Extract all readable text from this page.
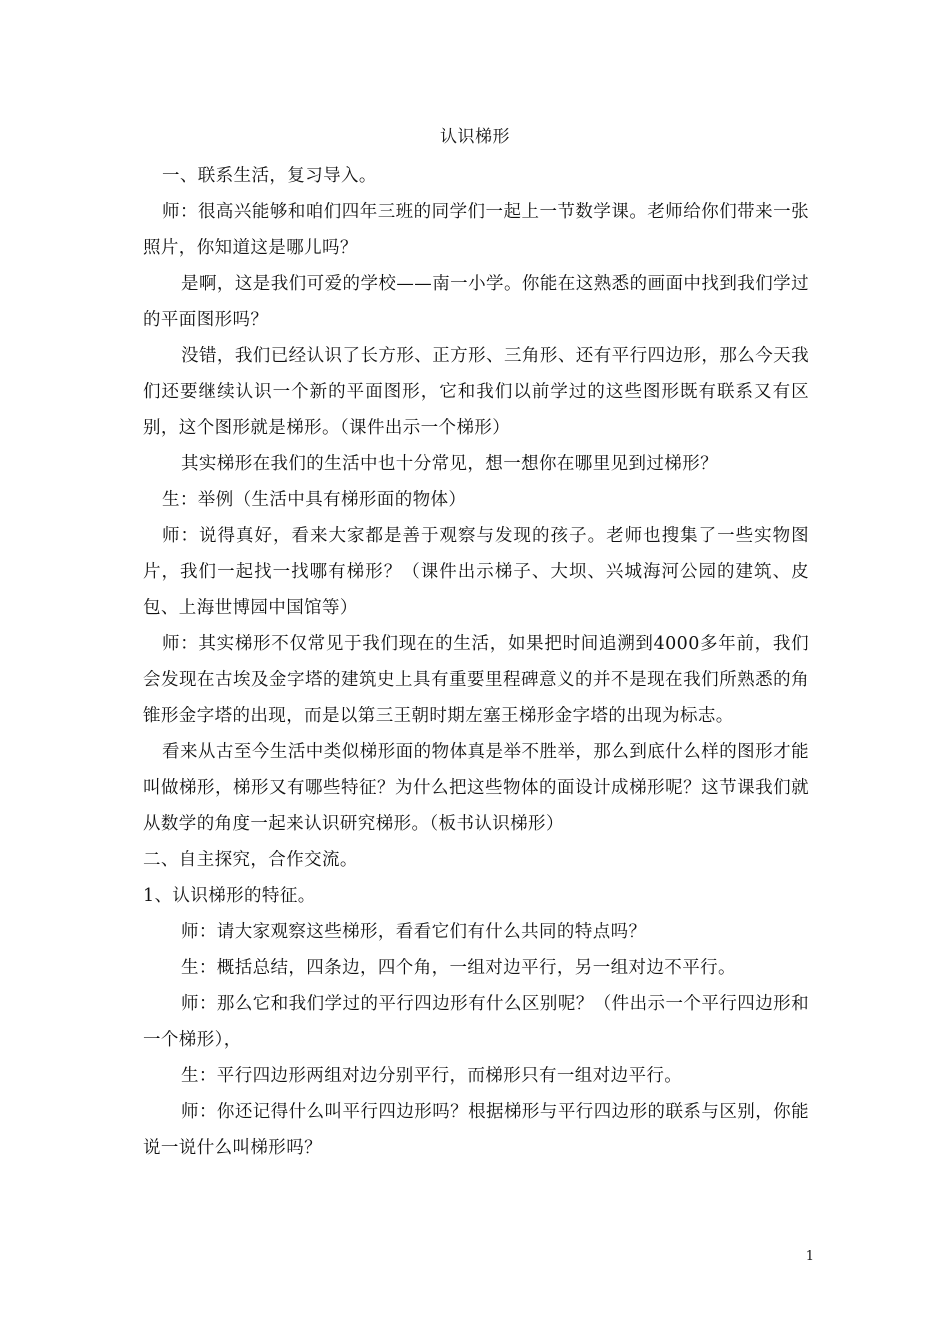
认识梯形

一、联系生活，复习导入。

师：很高兴能够和咱们四年三班的同学们一起上一节数学课。老师给你们带来一张照片，你知道这是哪儿吗？

是啊，这是我们可爱的学校——南一小学。你能在这熟悉的画面中找到我们学过的平面图形吗？

没错，我们已经认识了长方形、正方形、三角形、还有平行四边形，那么今天我们还要继续认识一个新的平面图形，它和我们以前学过的这些图形既有联系又有区别，这个图形就是梯形。（课件出示一个梯形）

其实梯形在我们的生活中也十分常见，想一想你在哪里见到过梯形？

生：举例（生活中具有梯形面的物体）

师：说得真好，看来大家都是善于观察与发现的孩子。老师也搜集了一些实物图片，我们一起找一找哪有梯形？（课件出示梯子、大坝、兴城海河公园的建筑、皮包、上海世博园中国馆等）

师：其实梯形不仅常见于我们现在的生活，如果把时间追溯到4000多年前，我们会发现在古埃及金字塔的建筑史上具有重要里程碑意义的并不是现在我们所熟悉的角锥形金字塔的出现，而是以第三王朝时期左塞王梯形金字塔的出现为标志。

看来从古至今生活中类似梯形面的物体真是举不胜举，那么到底什么样的图形才能叫做梯形，梯形又有哪些特征？为什么把这些物体的面设计成梯形呢？这节课我们就从数学的角度一起来认识研究梯形。（板书认识梯形）

二、自主探究，合作交流。

1、认识梯形的特征。

师：请大家观察这些梯形，看看它们有什么共同的特点吗？

生：概括总结，四条边，四个角，一组对边平行，另一组对边不平行。

师：那么它和我们学过的平行四边形有什么区别呢？（件出示一个平行四边形和一个梯形），

生：平行四边形两组对边分别平行，而梯形只有一组对边平行。

师：你还记得什么叫平行四边形吗？根据梯形与平行四边形的联系与区别，你能说一说什么叫梯形吗？

1
